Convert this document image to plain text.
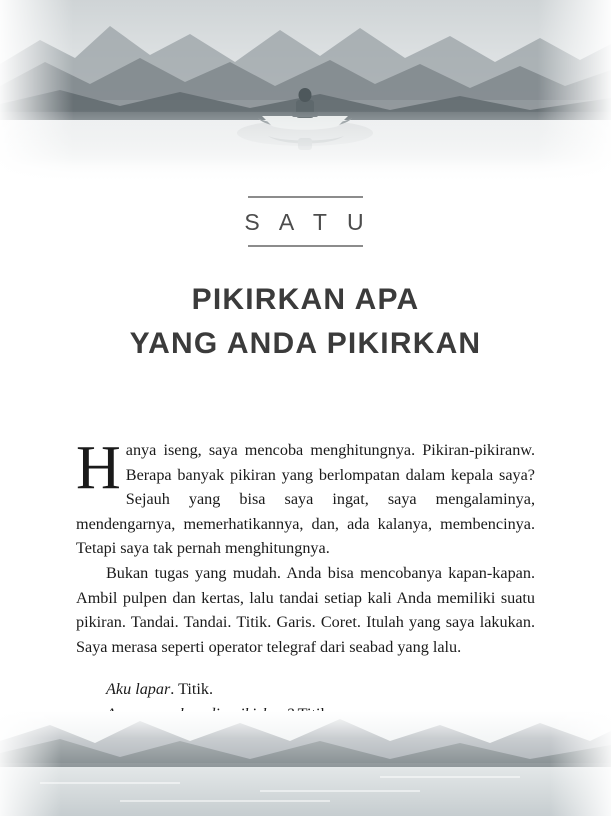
S A T U
PIKIRKAN APA
YANG ANDA PIKIRKAN
H anya iseng, saya mencoba menghitungnya. Pikiran-pikiranw. Berapa banyak pikiran yang berlompatan dalam kepala saya? Sejauh yang bisa saya ingat, saya mengalaminya, mendengarnya, memerhatikannya, dan, ada kalanya, membencinya. Tetapi saya tak pernah menghitungnya.

Bukan tugas yang mudah. Anda bisa mencobanya kapan-kapan. Ambil pulpen dan kertas, lalu tandai setiap kali Anda memiliki suatu pikiran. Tandai. Tandai. Titik. Garis. Coret. Itulah yang saya lakukan. Saya merasa seperti operator telegraf dari seabad yang lalu.

Aku lapar. Titik.
